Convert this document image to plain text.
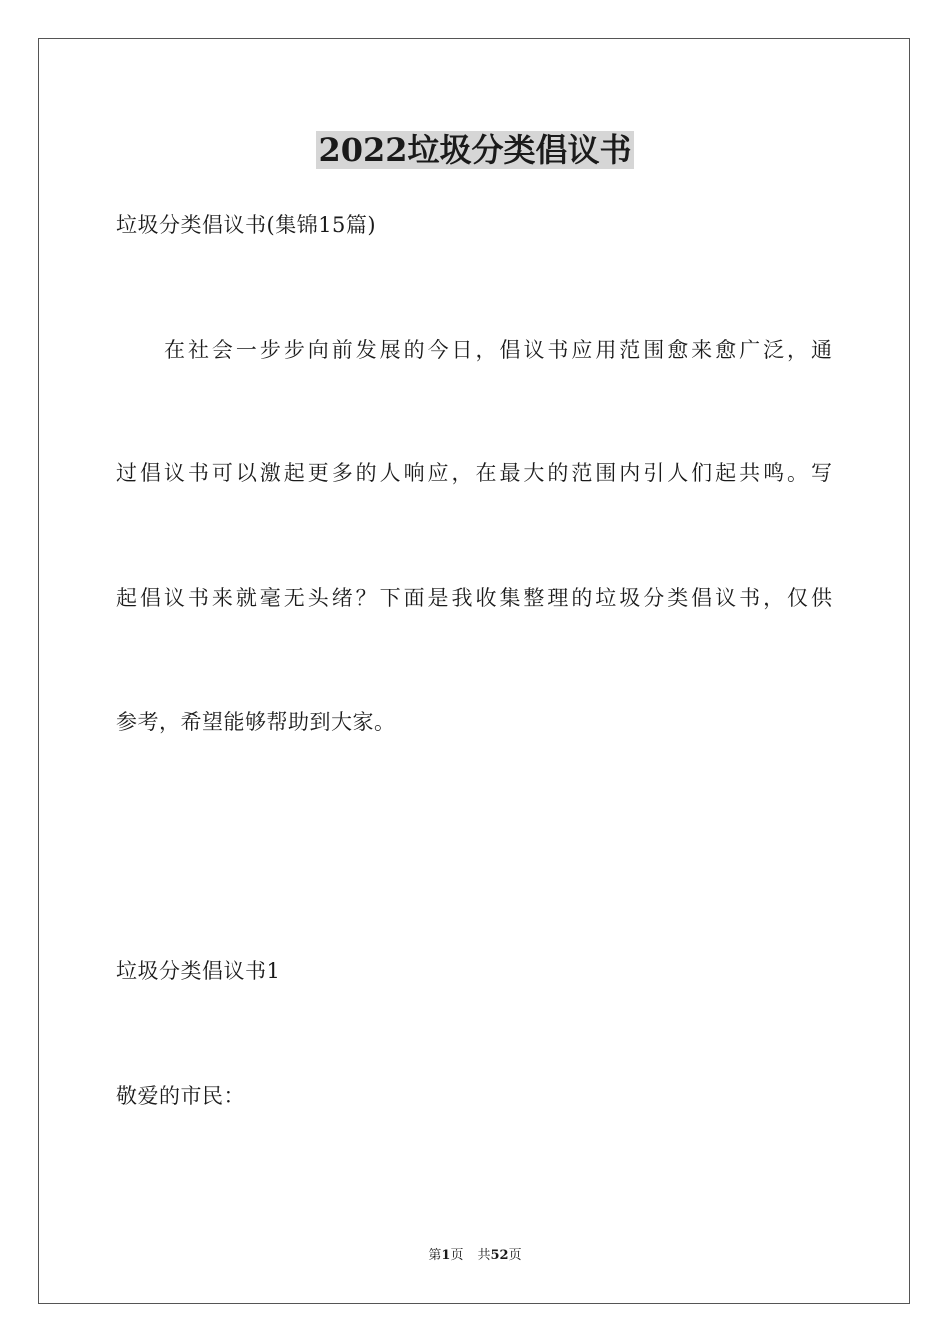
2022垃圾分类倡议书
垃圾分类倡议书(集锦15篇)
在社会一步步向前发展的今日，倡议书应用范围愈来愈广泛，通
过倡议书可以激起更多的人响应，在最大的范围内引人们起共鸣。写
起倡议书来就毫无头绪？下面是我收集整理的垃圾分类倡议书，仅供
参考，希望能够帮助到大家。
垃圾分类倡议书1
敬爱的市民：
第1页 共52页
